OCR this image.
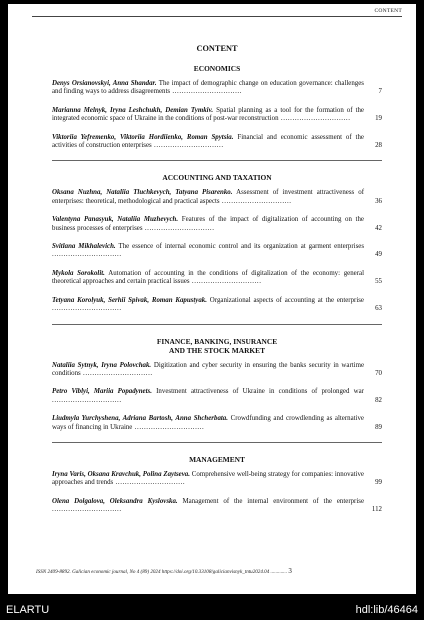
CONTENT
CONTENT
ECONOMICS
Denys Orsianovskyi, Anna Shandar. The impact of demographic change on education governance: challenges and finding ways to address disagreements ..............................	7
Marianna Melnyk, Iryna Leshchukh, Demian Tymkiv. Spatial planning as a tool for the formation of the integrated economic space of Ukraine in the conditions of post-war reconstruction ..............................	19
Viktoriia Yefremenko, Viktoriia Hordiienko, Roman Spytsia. Financial and economic assessment of the activities of construction enterprises ..............................	28
ACCOUNTING AND TAXATION
Oksana Nuzhna, Nataliia Tluchkevych, Tatyana Pisarenko. Assessment of investment attractiveness of enterprises: theoretical, methodological and practical aspects ..............................	36
Valentyna Panasyuk, Nataliia Muzhevych. Features of the impact of digitalization of accounting on the business processes of enterprises ..............................	42
Svitlana Mikhalevich. The essence of internal economic control and its organization at garment enterprises ..............................	49
Mykola Sorokolit. Automation of accounting in the conditions of digitalization of the economy: general theoretical approaches and certain practical issues ..............................	55
Tetyana Korolyuk, Serhii Spivak, Roman Kapustyak. Organizational aspects of accounting at the enterprise ..............................	63
FINANCE, BANKING, INSURANCE
AND THE STOCK MARKET
Nataliia Sytnyk, Iryna Polovchak. Digitization and cyber security in ensuring the banks security in wartime conditions ..............................	70
Petro Viblyi, Mariia Popadynets. Investment attractiveness of Ukraine in conditions of prolonged war ..............................	82
Liudmyla Yurchyshena, Adriana Bartosh, Anna Shcherbata. Crowdfunding and crowdlending as alternative ways of financing in Ukraine ..............................	89
MANAGEMENT
Iryna Varis, Oksana Kravchuk, Polina Zaytseva. Comprehensive well-being strategy for companies: innovative approaches and trends ..............................	99
Olena Dolgalova, Oleksandra Kyslovska. Management of the internal environment of the enterprise ..............................	112
ISSN 2409-8892. Galician economic journal, No 4 (89) 2024 https://doi.org/10.33108/galicianvisnyk_tntu2024.04 ............. 3
ELARTU	hdl:lib/46464
